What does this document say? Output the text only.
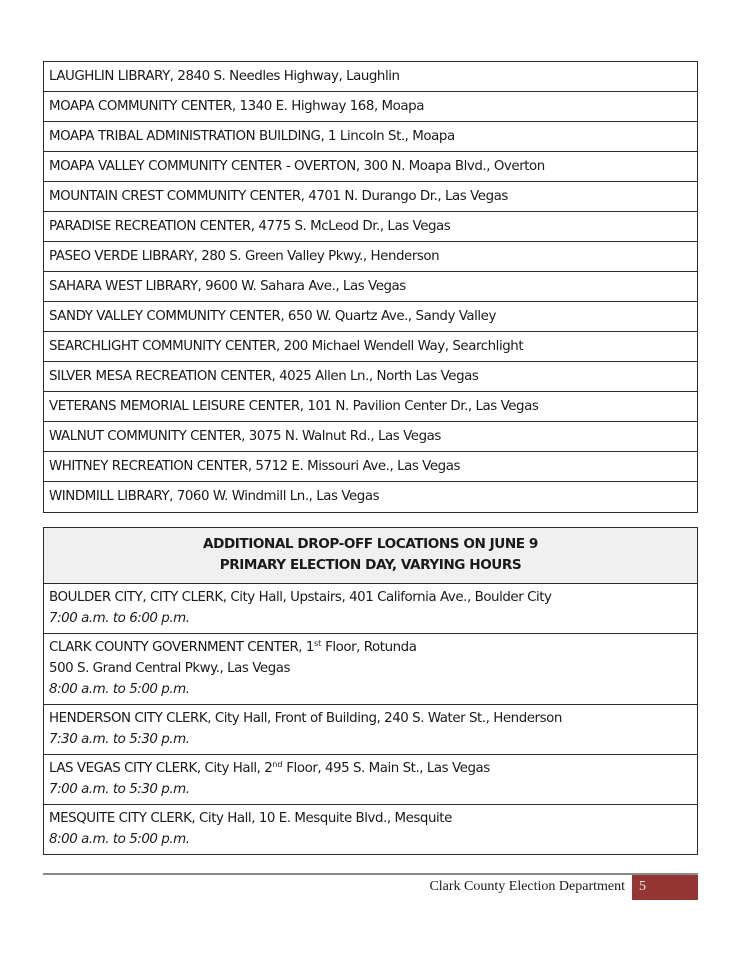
LAUGHLIN LIBRARY, 2840 S. Needles Highway, Laughlin
MOAPA COMMUNITY CENTER, 1340 E. Highway 168, Moapa
MOAPA TRIBAL ADMINISTRATION BUILDING, 1 Lincoln St., Moapa
MOAPA VALLEY COMMUNITY CENTER - OVERTON, 300 N. Moapa Blvd., Overton
MOUNTAIN CREST COMMUNITY CENTER, 4701 N. Durango Dr., Las Vegas
PARADISE RECREATION CENTER, 4775 S. McLeod Dr., Las Vegas
PASEO VERDE LIBRARY, 280 S. Green Valley Pkwy., Henderson
SAHARA WEST LIBRARY, 9600 W. Sahara Ave., Las Vegas
SANDY VALLEY COMMUNITY CENTER, 650 W. Quartz Ave., Sandy Valley
SEARCHLIGHT COMMUNITY CENTER, 200 Michael Wendell Way, Searchlight
SILVER MESA RECREATION CENTER, 4025 Allen Ln., North Las Vegas
VETERANS MEMORIAL LEISURE CENTER, 101 N. Pavilion Center Dr., Las Vegas
WALNUT COMMUNITY CENTER, 3075 N. Walnut Rd., Las Vegas
WHITNEY RECREATION CENTER, 5712 E. Missouri Ave., Las Vegas
WINDMILL LIBRARY, 7060 W. Windmill Ln., Las Vegas
ADDITIONAL DROP-OFF LOCATIONS ON JUNE 9
PRIMARY ELECTION DAY, VARYING HOURS
BOULDER CITY, CITY CLERK, City Hall, Upstairs, 401 California Ave., Boulder City
7:00 a.m. to 6:00 p.m.
CLARK COUNTY GOVERNMENT CENTER, 1st Floor, Rotunda
500 S. Grand Central Pkwy., Las Vegas
8:00 a.m. to 5:00 p.m.
HENDERSON CITY CLERK, City Hall, Front of Building, 240 S. Water St., Henderson
7:30 a.m. to 5:30 p.m.
LAS VEGAS CITY CLERK, City Hall, 2nd Floor, 495 S. Main St., Las Vegas
7:00 a.m. to 5:30 p.m.
MESQUITE CITY CLERK, City Hall, 10 E. Mesquite Blvd., Mesquite
8:00 a.m. to 5:00 p.m.
Clark County Election Department	5
